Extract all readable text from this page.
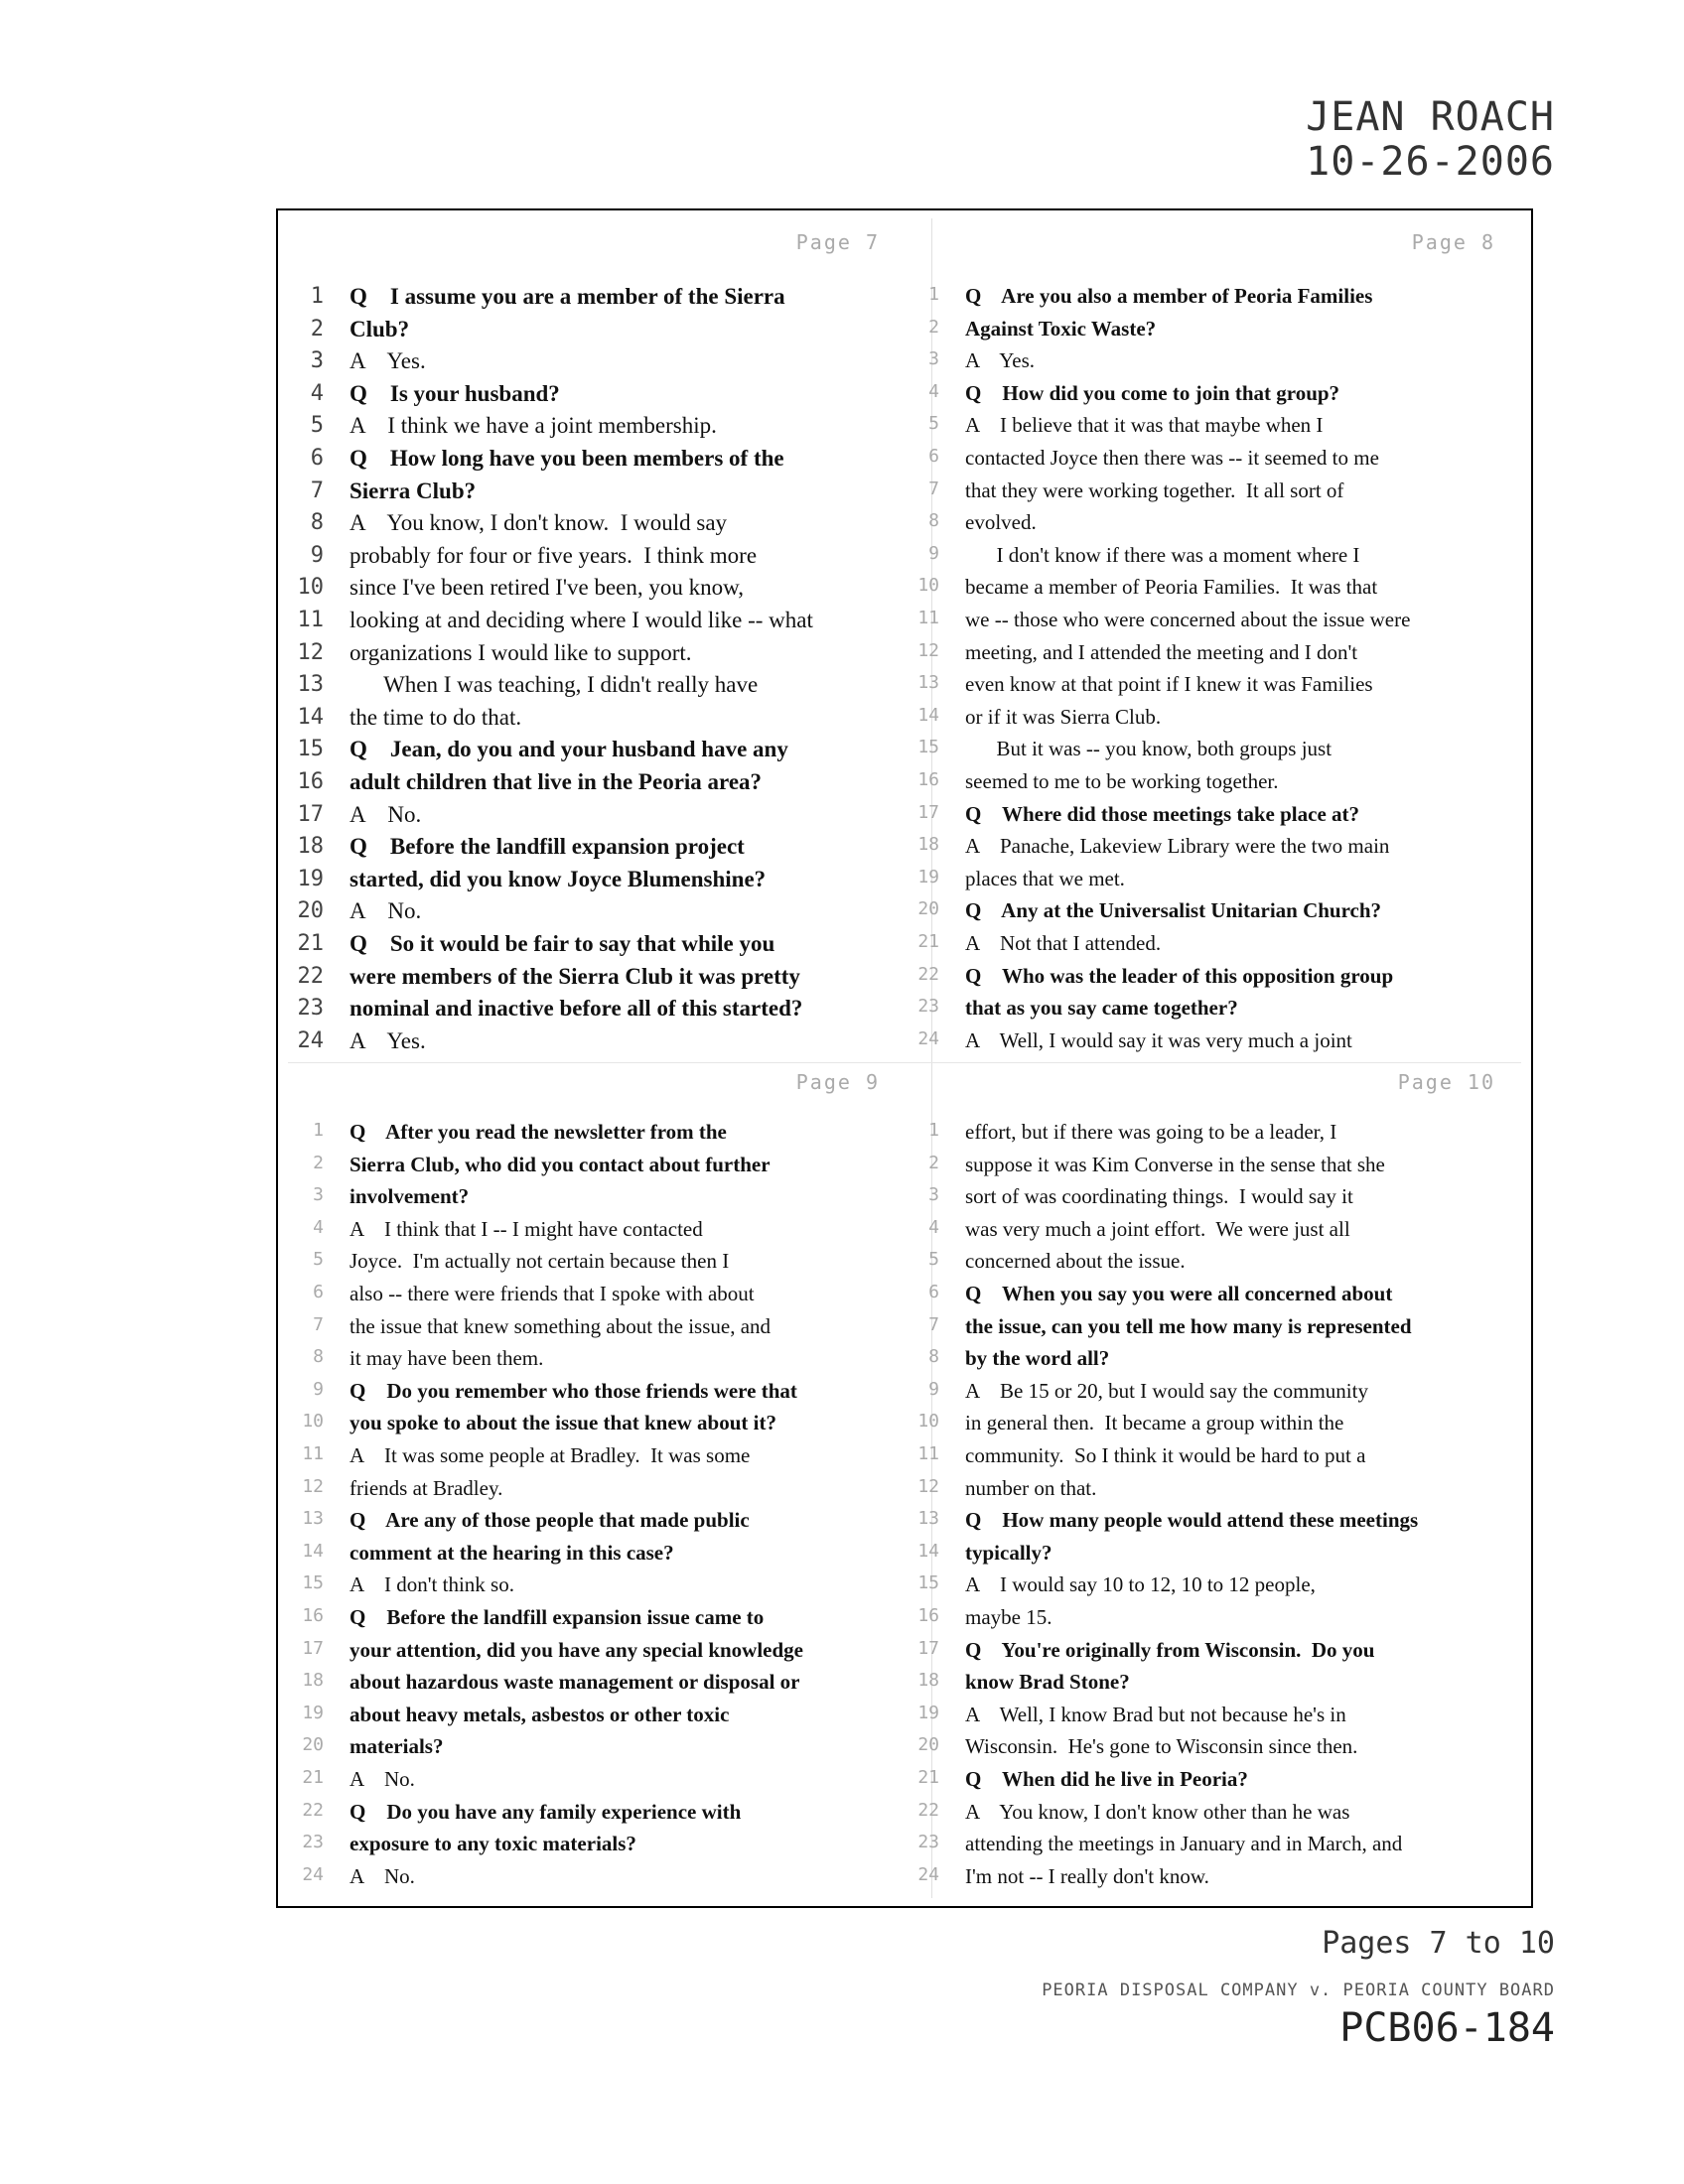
JEAN ROACH
10-26-2006
Page 7
1 Q    I assume you are a member of the Sierra
2 Club?
3 A    Yes.
4 Q    Is your husband?
5 A    I think we have a joint membership.
6 Q    How long have you been members of the
7 Sierra Club?
8 A    You know, I don't know.  I would say
9 probably for four or five years.  I think more
10 since I've been retired I've been, you know,
11 looking at and deciding where I would like -- what
12 organizations I would like to support.
13 When I was teaching, I didn't really have
14 the time to do that.
15 Q    Jean, do you and your husband have any
16 adult children that live in the Peoria area?
17 A    No.
18 Q    Before the landfill expansion project
19 started, did you know Joyce Blumenshine?
20 A    No.
21 Q    So it would be fair to say that while you
22 were members of the Sierra Club it was pretty
23 nominal and inactive before all of this started?
24 A    Yes.
Page 8
1 Q    Are you also a member of Peoria Families
2 Against Toxic Waste?
3 A    Yes.
4 Q    How did you come to join that group?
5 A    I believe that it was that maybe when I
6 contacted Joyce then there was -- it seemed to me
7 that they were working together.  It all sort of
8 evolved.
9 I don't know if there was a moment where I
10 became a member of Peoria Families.  It was that
11 we -- those who were concerned about the issue were
12 meeting, and I attended the meeting and I don't
13 even know at that point if I knew it was Families
14 or if it was Sierra Club.
15 But it was -- you know, both groups just
16 seemed to me to be working together.
17 Q    Where did those meetings take place at?
18 A    Panache, Lakeview Library were the two main
19 places that we met.
20 Q    Any at the Universalist Unitarian Church?
21 A    Not that I attended.
22 Q    Who was the leader of this opposition group
23 that as you say came together?
24 A    Well, I would say it was very much a joint
Page 9
1 Q    After you read the newsletter from the
2 Sierra Club, who did you contact about further
3 involvement?
4 A    I think that I -- I might have contacted
5 Joyce.  I'm actually not certain because then I
6 also -- there were friends that I spoke with about
7 the issue that knew something about the issue, and
8 it may have been them.
9 Q    Do you remember who those friends were that
10 you spoke to about the issue that knew about it?
11 A    It was some people at Bradley.  It was some
12 friends at Bradley.
13 Q    Are any of those people that made public
14 comment at the hearing in this case?
15 A    I don't think so.
16 Q    Before the landfill expansion issue came to
17 your attention, did you have any special knowledge
18 about hazardous waste management or disposal or
19 about heavy metals, asbestos or other toxic
20 materials?
21 A    No.
22 Q    Do you have any family experience with
23 exposure to any toxic materials?
24 A    No.
Page 10
1 effort, but if there was going to be a leader, I
2 suppose it was Kim Converse in the sense that she
3 sort of was coordinating things.  I would say it
4 was very much a joint effort.  We were just all
5 concerned about the issue.
6 Q    When you say you were all concerned about
7 the issue, can you tell me how many is represented
8 by the word all?
9 A    Be 15 or 20, but I would say the community
10 in general then.  It became a group within the
11 community.  So I think it would be hard to put a
12 number on that.
13 Q    How many people would attend these meetings
14 typically?
15 A    I would say 10 to 12, 10 to 12 people,
16 maybe 15.
17 Q    You're originally from Wisconsin.  Do you
18 know Brad Stone?
19 A    Well, I know Brad but not because he's in
20 Wisconsin.  He's gone to Wisconsin since then.
21 Q    When did he live in Peoria?
22 A    You know, I don't know other than he was
23 attending the meetings in January and in March, and
24 I'm not -- I really don't know.
Pages 7 to 10
PEORIA DISPOSAL COMPANY v. PEORIA COUNTY BOARD
PCB06-184
